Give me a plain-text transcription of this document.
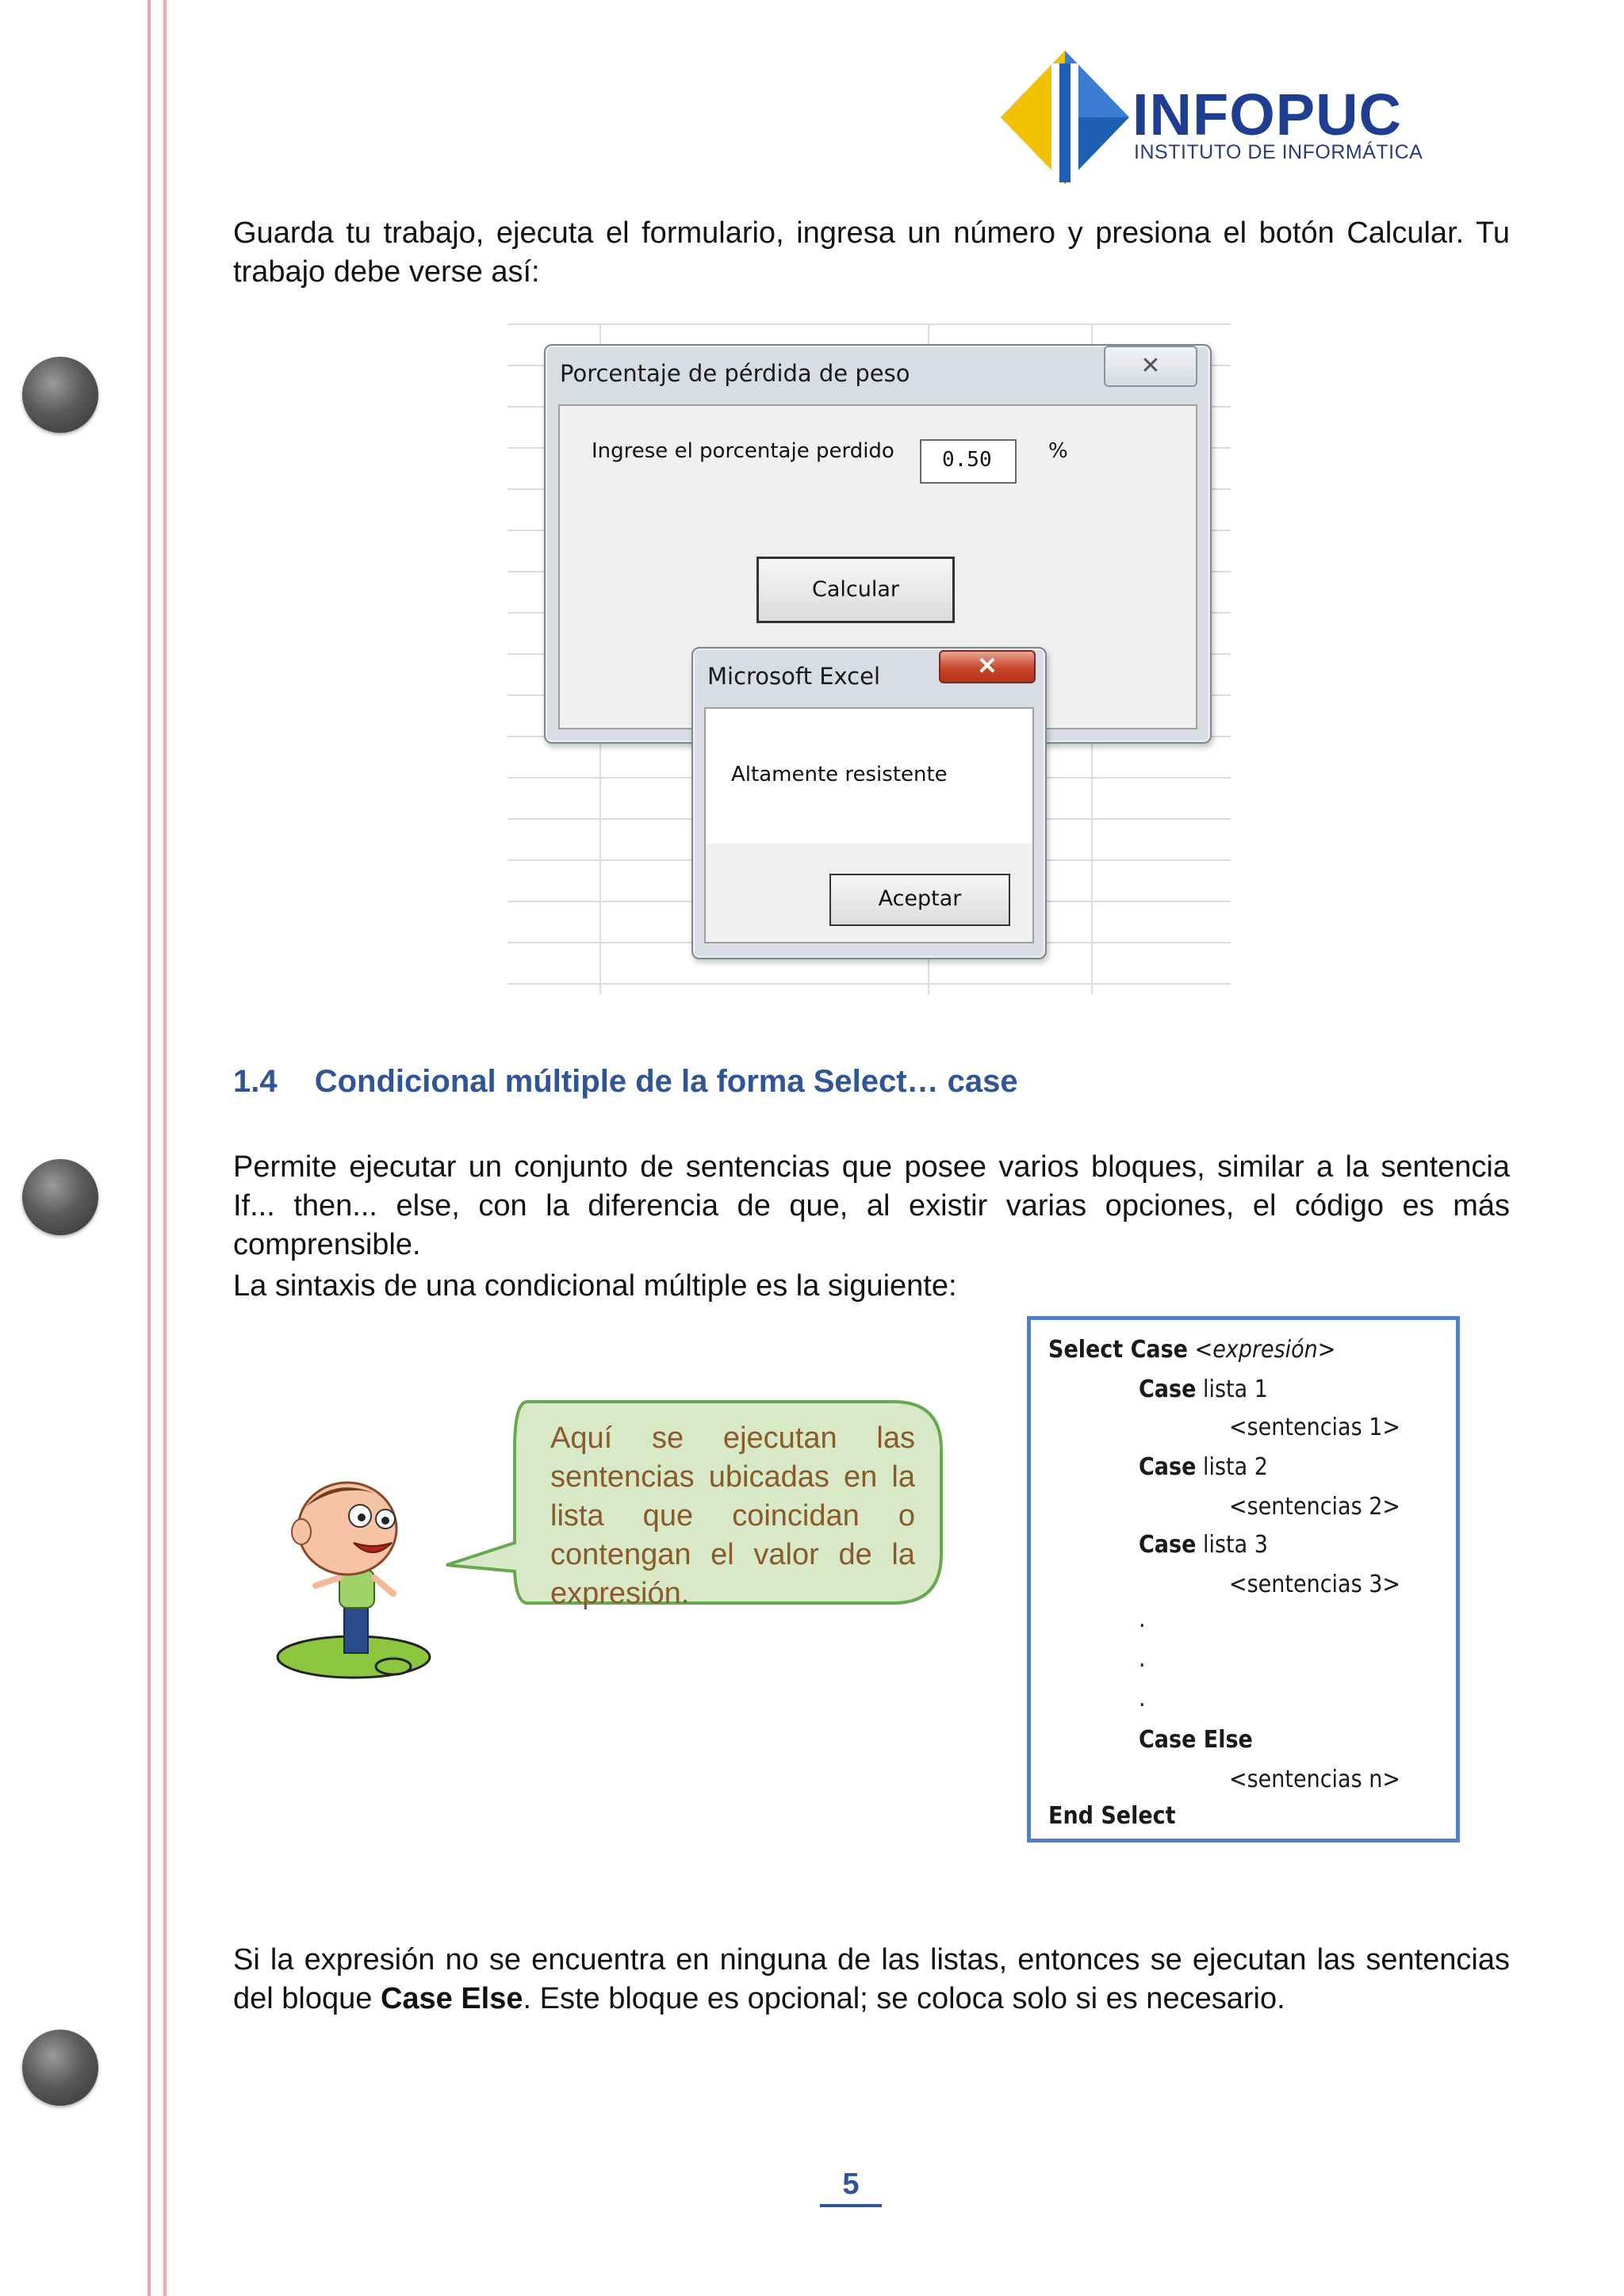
INFOPUC
INSTITUTO DE INFORMÁTICA
Guarda tu trabajo, ejecuta el formulario, ingresa un número y presiona el botón Calcular. Tu trabajo debe verse así:
Porcentaje de pérdida de peso	✕
Ingrese el porcentaje perdido	0.50	%
Calcular
Microsoft Excel	✕
Altamente resistente
Aceptar
1.4 Condicional múltiple de la forma Select… case
Permite ejecutar un conjunto de sentencias que posee varios bloques, similar a la sentencia If... then... else, con la diferencia de que, al existir varias opciones, el código es más comprensible.
La sintaxis de una condicional múltiple es la siguiente:
Aquí se ejecutan las sentencias ubicadas en la lista que coincidan o contengan el valor de la expresión.
Select Case <expresión>
Case lista 1
<sentencias 1>
Case lista 2
<sentencias 2>
Case lista 3
<sentencias 3>
.
.
.
Case Else
<sentencias n>
End Select
Si la expresión no se encuentra en ninguna de las listas, entonces se ejecutan las sentencias del bloque Case Else. Este bloque es opcional; se coloca solo si es necesario.
5
